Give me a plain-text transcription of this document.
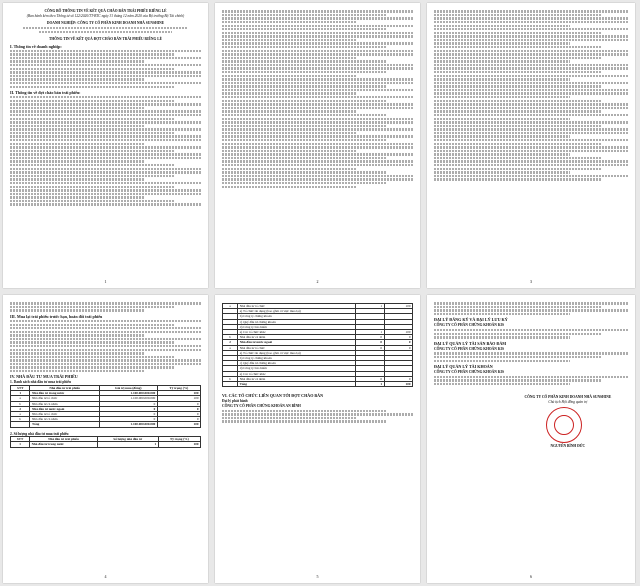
CÔNG BỐ THÔNG TIN VỀ KẾT QUẢ CHÀO BÁN TRÁI PHIẾU RIÊNG LẺ

(Ban hành kèm theo Thông tư số 122/2020/TT-BTC ngày 31 tháng 12 năm 2020 của Bộ trưởng Bộ Tài chính)

DOANH NGHIỆP: CÔNG TY CỔ PHẦN KINH DOANH NHÀ SUNSHINE

THÔNG TIN VỀ KẾT QUẢ ĐỢT CHÀO BÁN TRÁI PHIẾU RIÊNG LẺ

I. Thông tin về doanh nghiệp:

II. Thông tin về đợt chào bán trái phiếu:

1	2	3

III. Mua lại trái phiếu trước hạn, hoán đổi trái phiếu

IV. NHÀ ĐẦU TƯ MUA TRÁI PHIẾU

1. Danh sách nhà đầu tư mua trái phiếu

STT	Nhà đầu tư trái phiếu	Giá trị mua (đồng)	Tỷ trọng (%)
1	Nhà đầu tư trong nước	1.100.000.000.000	100
a	Nhà đầu tư tổ chức	1.100.000.000.000	100
b	Nhà đầu tư cá nhân	0	0
2	Nhà đầu tư nước ngoài	0	0
a	Nhà đầu tư tổ chức	0	0
b	Nhà đầu tư cá nhân	0	0
	Tổng	1.100.000.000.000	100

2. Số lượng nhà đầu tư mua trái phiếu

STT	Nhà đầu tư trái phiếu	Số lượng nhà đầu tư	Tỷ trọng (%)
1	Nhà đầu tư trong nước	1	100
4
a	Nhà đầu tư tổ chức	1	100
	a) Tổ chức tín dụng (bao gồm cả việc mua lại)		
	b) Công ty chứng khoán		
	c) Quỹ đầu tư chứng khoán		
	d) Công ty bảo hiểm		
	e) Các tổ chức khác	1	100
b	Nhà đầu tư cá nhân	0	0
2	Nhà đầu tư nước ngoài	0	0
a	Nhà đầu tư tổ chức	0	0
	a) Tổ chức tín dụng (bao gồm cả việc mua lại)		
	b) Công ty chứng khoán		
	c) Quỹ đầu tư chứng khoán		
	d) Công ty bảo hiểm		
	e) Các tổ chức khác		
b	Nhà đầu tư cá nhân	0	0
	Tổng	1	100

VI. CÁC TỔ CHỨC LIÊN QUAN TỚI ĐỢT CHÀO BÁN

Đại lý phát hành

CÔNG TY CỔ PHẦN CHỨNG KHOÁN AN BÌNH

5

ĐẠI LÝ ĐĂNG KÝ VÀ ĐẠI LÝ LƯU KÝ

CÔNG TY CỔ PHẦN CHỨNG KHOÁN KIS

ĐẠI LÝ QUẢN LÝ TÀI SẢN BẢO ĐẢM

CÔNG TY CỔ PHẦN CHỨNG KHOÁN KIS

ĐẠI LÝ QUẢN LÝ TÀI KHOẢN

CÔNG TY CỔ PHẦN CHỨNG KHOÁN KIS

CÔNG TY CỔ PHẦN KINH DOANH NHÀ SUNSHINE

Chủ tịch Hội đồng quản trị

NGUYỄN BÌNH ĐỨC

6
